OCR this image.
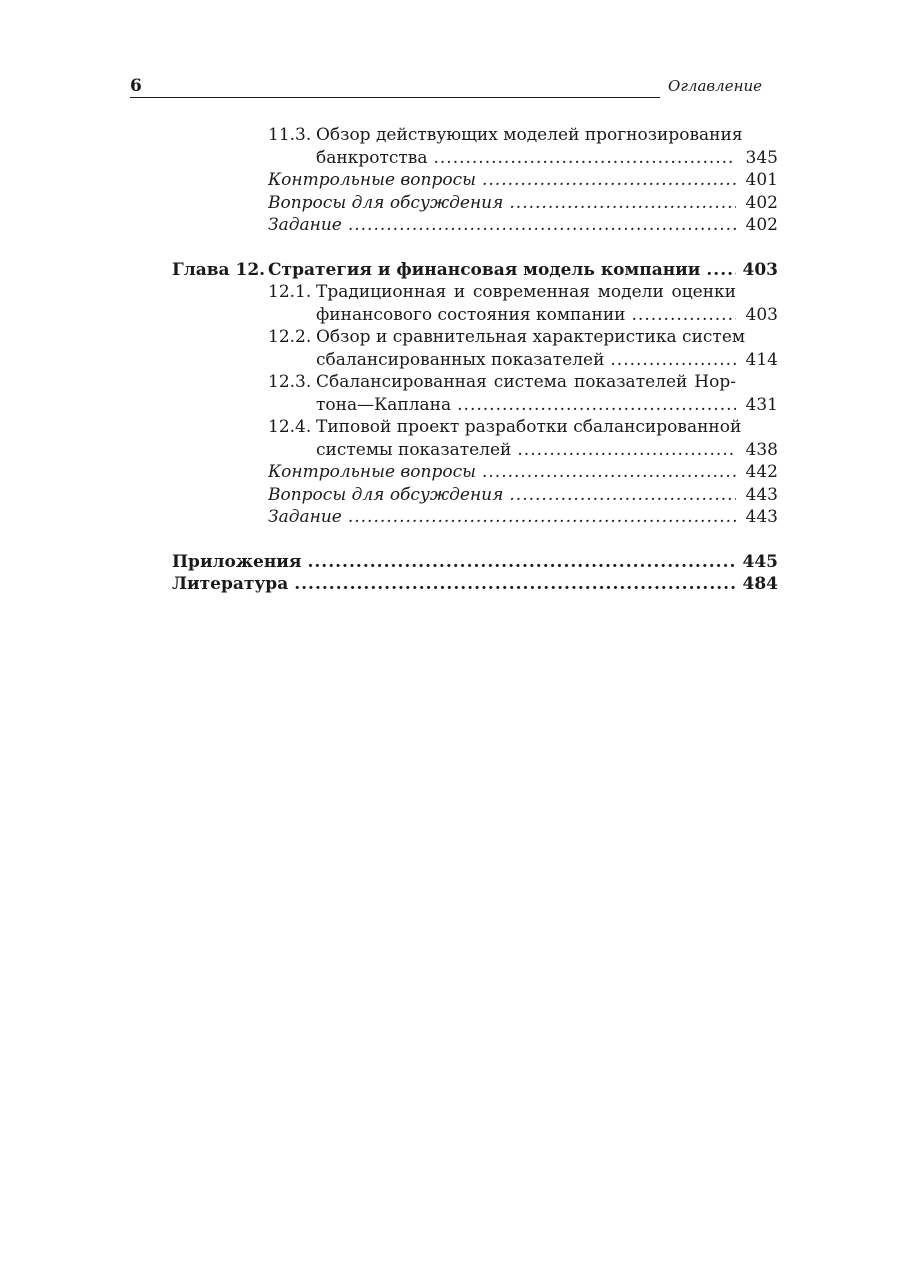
6	Оглавление
11.3. Обзор действующих моделей прогнозирования
банкротства .....	345
Контрольные вопросы .....	401
Вопросы для обсуждения .....	402
Задание .....	402
Глава 12. Стратегия и финансовая модель компании .....	403
12.1. Традиционная и современная модели оценки
финансового состояния компании .....	403
12.2. Обзор и сравнительная характеристика систем
сбалансированных показателей .....	414
12.3. Сбалансированная система показателей Нор-
тона—Каплана .....	431
12.4. Типовой проект разработки сбалансированной
системы показателей .....	438
Контрольные вопросы .....	442
Вопросы для обсуждения .....	443
Задание .....	443
Приложения .....	445
Литература .....	484
